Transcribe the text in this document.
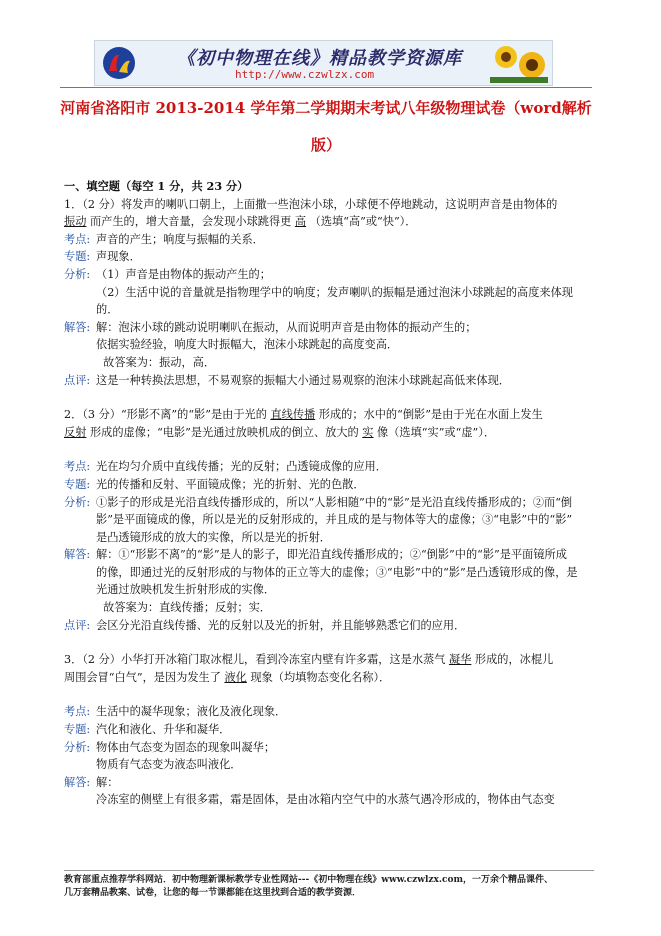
《初中物理在线》精品教学资源库
http://www.czwlzx.com
河南省洛阳市 2013-2014 学年第二学期期末考试八年级物理试卷（word解析
版）
一、填空题（每空 1 分，共 23 分）
1．（2 分）将发声的喇叭口朝上，上面撒一些泡沫小球，小球便不停地跳动，这说明声音是由物体的
振动 而产生的，增大音量，会发现小球跳得更 高 （选填“高”或“快”）．
考点: 声音的产生；响度与振幅的关系．
专题: 声现象．
分析: （1）声音是由物体的振动产生的；
（2）生活中说的音量就是指物理学中的响度；发声喇叭的振幅是通过泡沫小球跳起的高度来体现的．
解答: 解：泡沫小球的跳动说明喇叭在振动，从而说明声音是由物体的振动产生的；
依据实验经验，响度大时振幅大，泡沫小球跳起的高度变高．
故答案为：振动，高．
点评: 这是一种转换法思想，不易观察的振幅大小通过易观察的泡沫小球跳起高低来体现．
2．（3 分）“形影不离”的“影”是由于光的 直线传播 形成的；水中的“倒影”是由于光在水面上发生
反射 形成的虚像；“电影”是光通过放映机成的倒立、放大的 实 像（选填“实”或“虚”）．
考点: 光在均匀介质中直线传播；光的反射；凸透镜成像的应用．
专题: 光的传播和反射、平面镜成像；光的折射、光的色散．
分析: ①影子的形成是光沿直线传播形成的，所以“人影相随”中的“影”是光沿直线传播形成的；②而“倒
影”是平面镜成的像，所以是光的反射形成的，并且成的是与物体等大的虚像；③“电影”中的“影”
是凸透镜形成的放大的实像，所以是光的折射．
解答: 解：①“形影不离”的“影”是人的影子，即光沿直线传播形成的；②“倒影”中的“影”是平面镜所成
的像，即通过光的反射形成的与物体的正立等大的虚像；③“电影”中的“影”是凸透镜形成的像，是
光通过放映机发生折射形成的实像．
故答案为：直线传播；反射；实．
点评: 会区分光沿直线传播、光的反射以及光的折射，并且能够熟悉它们的应用．
3．（2 分）小华打开冰箱门取冰棍儿，看到冷冻室内壁有许多霜，这是水蒸气 凝华 形成的，冰棍儿
周围会冒“白气”，是因为发生了 液化 现象（均填物态变化名称）．
考点: 生活中的凝华现象；液化及液化现象．
专题: 汽化和液化、升华和凝华．
分析: 物体由气态变为固态的现象叫凝华；
物质有气态变为液态叫液化．
解答: 解：
冷冻室的侧壁上有很多霜，霜是固体，是由冰箱内空气中的水蒸气遇冷形成的，物体由气态变
教育部重点推荐学科网站．初中物理新课标教学专业性网站---《初中物理在线》www.czwlzx.com，一万余个精品课件、
几万套精品教案、试卷，让您的每一节课都能在这里找到合适的教学资源．
